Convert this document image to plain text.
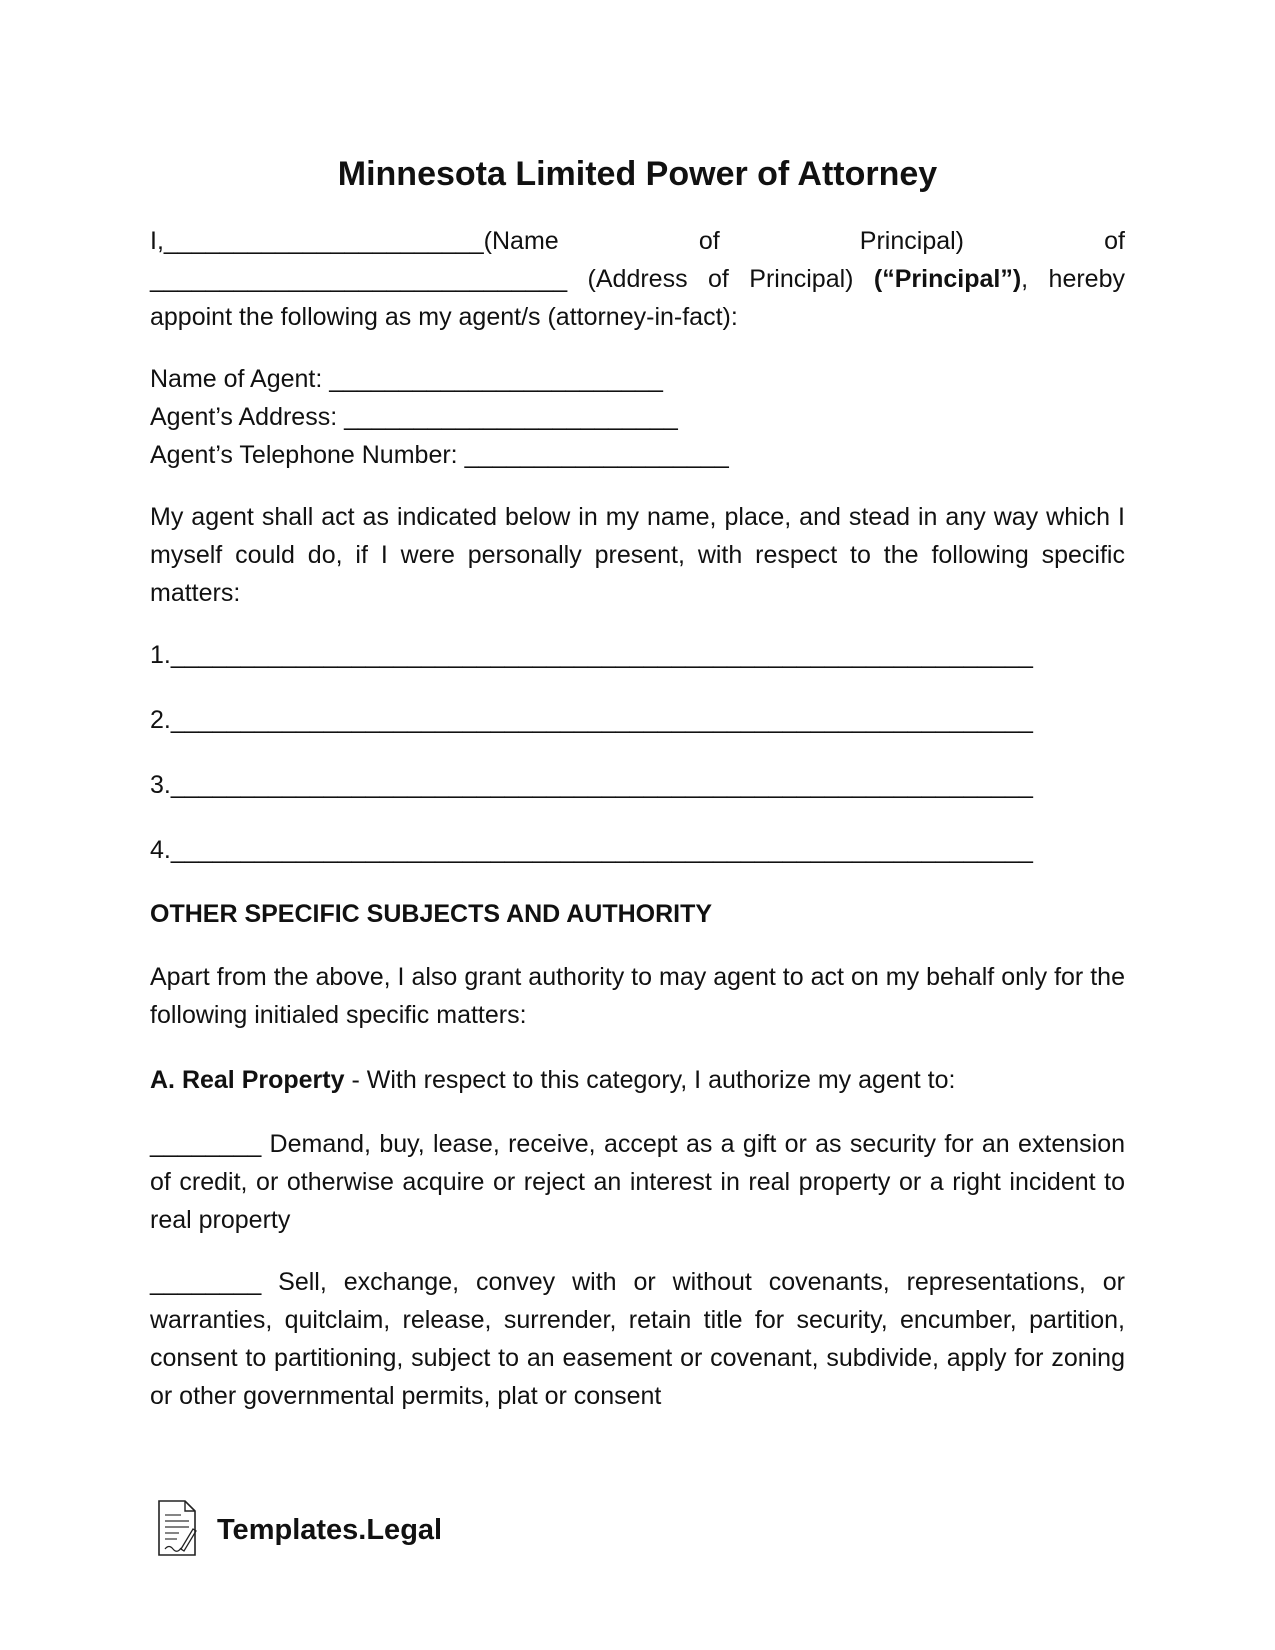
Minnesota Limited Power of Attorney
I,_______________________(Name of Principal) of ______________________________ (Address of Principal) (“Principal”), hereby appoint the following as my agent/s (attorney-in-fact):
Name of Agent: ________________________
Agent’s Address: ________________________
Agent’s Telephone Number: ___________________
My agent shall act as indicated below in my name, place, and stead in any way which I myself could do, if I were personally present, with respect to the following specific matters:
1.______________________________________________________________
2.______________________________________________________________
3.______________________________________________________________
4.______________________________________________________________
OTHER SPECIFIC SUBJECTS AND AUTHORITY
Apart from the above, I also grant authority to may agent to act on my behalf only for the following initialed specific matters:
A. Real Property - With respect to this category, I authorize my agent to:
________ Demand, buy, lease, receive, accept as a gift or as security for an extension of credit, or otherwise acquire or reject an interest in real property or a right incident to real property
________ Sell, exchange, convey with or without covenants, representations, or warranties, quitclaim, release, surrender, retain title for security, encumber, partition, consent to partitioning, subject to an easement or covenant, subdivide, apply for zoning or other governmental permits, plat or consent
Templates.Legal
